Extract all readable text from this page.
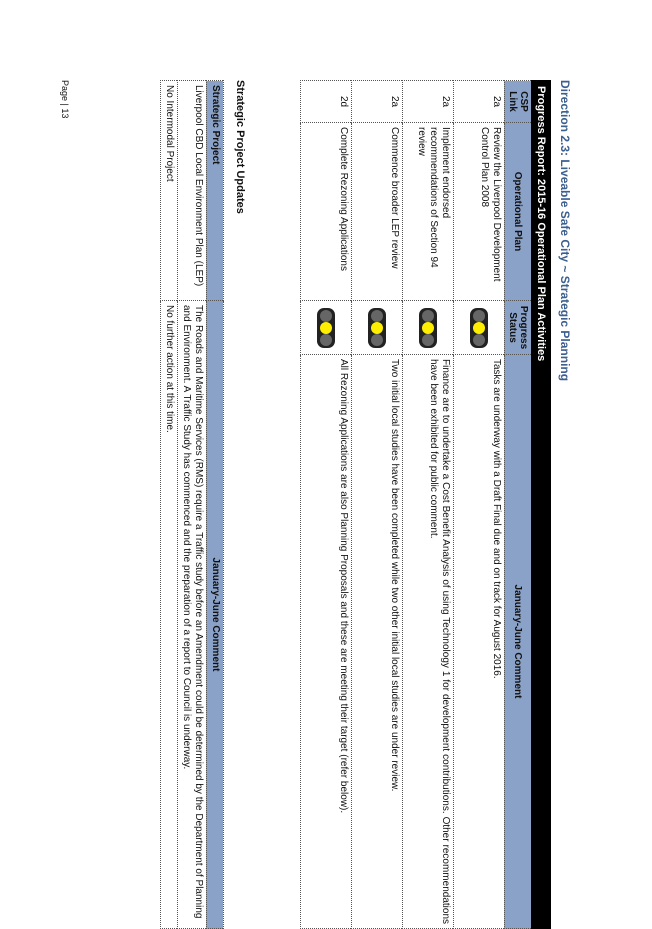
Direction 2.3: Liveable Safe City ~ Strategic Planning
Progress Report: 2015-16 Operational Plan Activities			
CSP Link	Operational Plan	Progress Status	January-June Comment
2a	Review the Liverpool Development Control Plan 2008		Tasks are underway with a Draft Final due and on track for August 2016.
2a	Implement endorsed recommendations of Section 94 review		Finance are to undertake a Cost Benefit Analysis of using Technology 1 for development contributions. Other recommendations have been exhibited for public comment.
2a	Commence broader LEP review		Two initial local studies have been completed while two other initial local studies are under review.
2d	Complete Rezoning Applications		All Rezoning Applications are also Planning Proposals and these are meeting their target (refer below).
Strategic Project Updates
Strategic Project	January-June Comment
Liverpool CBD Local Environment Plan (LEP)	The Roads and Maritime Services (RMS) require a Traffic study before an Amendment could be determined by the Department of Planning and Environment. A Traffic Study has commenced and the preparation of a report to Council is underway.
No Intermodal Project	No further action at this time.
Page | 13
